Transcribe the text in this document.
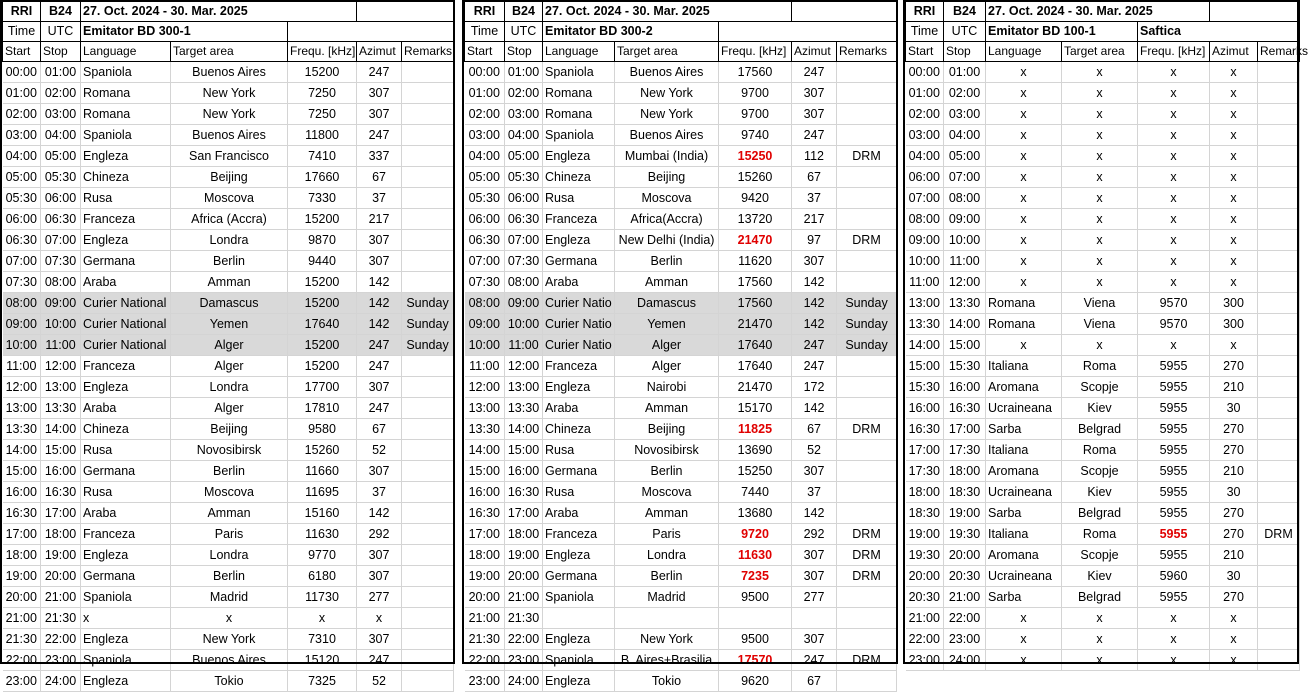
RRI	B24	27. Oct. 2024 - 30. Mar. 2025				
Time	UTC	Emitator BD 300-1				
Start	Stop	Language	Target area	Frequ. [kHz]	Azimut	Remarks
00:00	01:00	Spaniola	Buenos Aires	15200	247	
01:00	02:00	Romana	New York	7250	307	
02:00	03:00	Romana	New York	7250	307	
03:00	04:00	Spaniola	Buenos Aires	11800	247	
04:00	05:00	Engleza	San Francisco	7410	337	
05:00	05:30	Chineza	Beijing	17660	67	
05:30	06:00	Rusa	Moscova	7330	37	
06:00	06:30	Franceza	Africa (Accra)	15200	217	
06:30	07:00	Engleza	Londra	9870	307	
07:00	07:30	Germana	Berlin	9440	307	
07:30	08:00	Araba	Amman	15200	142	
08:00	09:00	Curier National	Damascus	15200	142	Sunday
09:00	10:00	Curier National	Yemen	17640	142	Sunday
10:00	11:00	Curier National	Alger	15200	247	Sunday
11:00	12:00	Franceza	Alger	15200	247	
12:00	13:00	Engleza	Londra	17700	307	
13:00	13:30	Araba	Alger	17810	247	
13:30	14:00	Chineza	Beijing	9580	67	
14:00	15:00	Rusa	Novosibirsk	15260	52	
15:00	16:00	Germana	Berlin	11660	307	
16:00	16:30	Rusa	Moscova	11695	37	
16:30	17:00	Araba	Amman	15160	142	
17:00	18:00	Franceza	Paris	11630	292	
18:00	19:00	Engleza	Londra	9770	307	
19:00	20:00	Germana	Berlin	6180	307	
20:00	21:00	Spaniola	Madrid	11730	277	
21:00	21:30	x	x	x	x	
21:30	22:00	Engleza	New York	7310	307	
22:00	23:00	Spaniola	Buenos Aires	15120	247	
23:00	24:00	Engleza	Tokio	7325	52	
RRI	B24	27. Oct. 2024 - 30. Mar. 2025				
Time	UTC	Emitator BD 300-2				
Start	Stop	Language	Target area	Frequ. [kHz]	Azimut	Remarks
00:00	01:00	Spaniola	Buenos Aires	17560	247	
01:00	02:00	Romana	New York	9700	307	
02:00	03:00	Romana	New York	9700	307	
03:00	04:00	Spaniola	Buenos Aires	9740	247	
04:00	05:00	Engleza	Mumbai (India)	15250	112	DRM
05:00	05:30	Chineza	Beijing	15260	67	
05:30	06:00	Rusa	Moscova	9420	37	
06:00	06:30	Franceza	Africa(Accra)	13720	217	
06:30	07:00	Engleza	New Delhi (India)	21470	97	DRM
07:00	07:30	Germana	Berlin	11620	307	
07:30	08:00	Araba	Amman	17560	142	
08:00	09:00	Curier Natio	Damascus	17560	142	Sunday
09:00	10:00	Curier Natio	Yemen	21470	142	Sunday
10:00	11:00	Curier Natio	Alger	17640	247	Sunday
11:00	12:00	Franceza	Alger	17640	247	
12:00	13:00	Engleza	Nairobi	21470	172	
13:00	13:30	Araba	Amman	15170	142	
13:30	14:00	Chineza	Beijing	11825	67	DRM
14:00	15:00	Rusa	Novosibirsk	13690	52	
15:00	16:00	Germana	Berlin	15250	307	
16:00	16:30	Rusa	Moscova	7440	37	
16:30	17:00	Araba	Amman	13680	142	
17:00	18:00	Franceza	Paris	9720	292	DRM
18:00	19:00	Engleza	Londra	11630	307	DRM
19:00	20:00	Germana	Berlin	7235	307	DRM
20:00	21:00	Spaniola	Madrid	9500	277	
21:00	21:30					
21:30	22:00	Engleza	New York	9500	307	
22:00	23:00	Spaniola	B. Aires+Brasilia	17570	247	DRM
23:00	24:00	Engleza	Tokio	9620	67	
RRI	B24	27. Oct. 2024 - 30. Mar. 2025				
Time	UTC	Emitator BD 100-1		Saftica		
Start	Stop	Language	Target area	Frequ. [kHz]	Azimut	Remarks
00:00	01:00	x	x	x	x	
01:00	02:00	x	x	x	x	
02:00	03:00	x	x	x	x	
03:00	04:00	x	x	x	x	
04:00	05:00	x	x	x	x	
06:00	07:00	x	x	x	x	
07:00	08:00	x	x	x	x	
08:00	09:00	x	x	x	x	
09:00	10:00	x	x	x	x	
10:00	11:00	x	x	x	x	
11:00	12:00	x	x	x	x	
13:00	13:30	Romana	Viena	9570	300	
13:30	14:00	Romana	Viena	9570	300	
14:00	15:00	x	x	x	x	
15:00	15:30	Italiana	Roma	5955	270	
15:30	16:00	Aromana	Scopje	5955	210	
16:00	16:30	Ucraineana	Kiev	5955	30	
16:30	17:00	Sarba	Belgrad	5955	270	
17:00	17:30	Italiana	Roma	5955	270	
17:30	18:00	Aromana	Scopje	5955	210	
18:00	18:30	Ucraineana	Kiev	5955	30	
18:30	19:00	Sarba	Belgrad	5955	270	
19:00	19:30	Italiana	Roma	5955	270	DRM
19:30	20:00	Aromana	Scopje	5955	210	
20:00	20:30	Ucraineana	Kiev	5960	30	
20:30	21:00	Sarba	Belgrad	5955	270	
21:00	22:00	x	x	x	x	
22:00	23:00	x	x	x	x	
23:00	24:00	x	x	x	x	
